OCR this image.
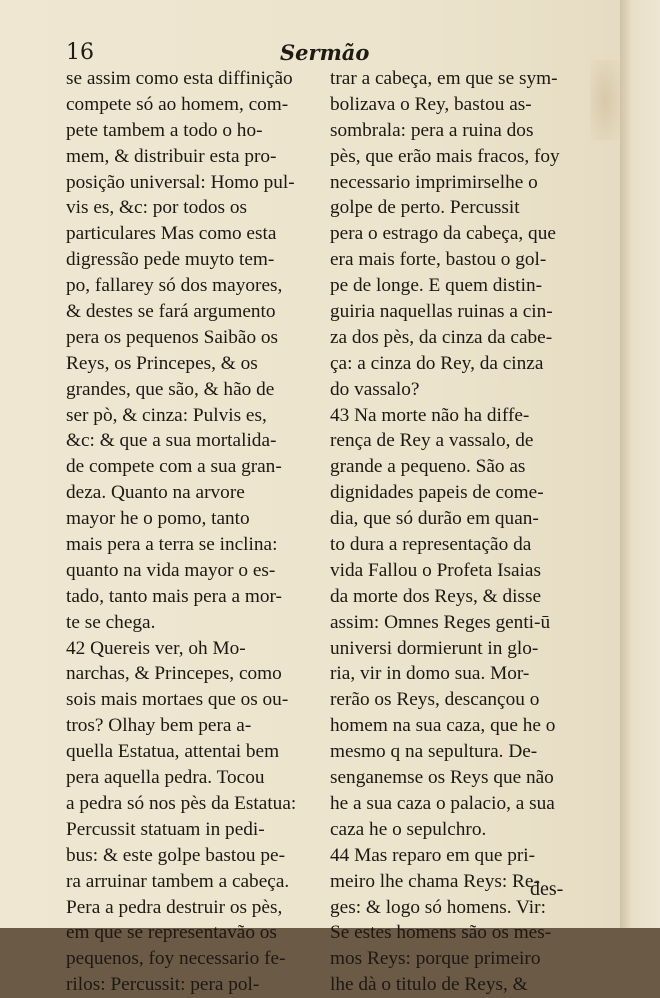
16	Sermão
se assim como esta diffinição
compete só ao homem, com-
pete tambem a todo o ho-
mem, & distribuir esta pro-
posição universal: Homo pul-
vis es, &c: por todos os
particulares Mas como esta
digressão pede muyto tem-
po, fallarey só dos mayores,
& destes se fará argumento
pera os pequenos Saibão os
Reys, os Princepes, & os
grandes, que são, & hão de
ser pò, & cinza: Pulvis es,
&c: & que a sua mortalida-
de compete com a sua gran-
deza. Quanto na arvore
mayor he o pomo, tanto
mais pera a terra se inclina:
quanto na vida mayor o es-
tado, tanto mais pera a mor-
te se chega.
42 Quereis ver, oh Mo-
narchas, & Princepes, como
sois mais mortaes que os ou-
tros? Olhay bem pera a-
quella Estatua, attentai bem
pera aquella pedra. Tocou
a pedra só nos pès da Estatua:
Percussit statuam in pedi-
bus: & este golpe bastou pe-
ra arruinar tambem a cabeça.
Pera a pedra destruir os pès,
em que se representavão os
pequenos, foy necessario fe-
rilos: Percussit: pera pol-
trar a cabeça, em que se sym-
bolizava o Rey, bastou as-
sombrala: pera a ruina dos
pès, que erão mais fracos, foy
necessario imprimirselhe o
golpe de perto. Percussit
pera o estrago da cabeça, que
era mais forte, bastou o gol-
pe de longe. E quem distin-
guiria naquellas ruinas a cin-
za dos pès, da cinza da cabe-
ça: a cinza do Rey, da cinza
do vassalo?
43 Na morte não ha diffe-
rença de Rey a vassalo, de
grande a pequeno. São as
dignidades papeis de come-
dia, que só durão em quan-
to dura a representação da
vida Fallou o Profeta Isaias
da morte dos Reys, & disse
assim: Omnes Reges genti-ū
universi dormierunt in glo-
ria, vir in domo sua. Mor-
rerão os Reys, descançou o
homem na sua caza, que he o
mesmo q na sepultura. De-
senganemse os Reys que não
he a sua caza o palacio, a sua
caza he o sepulchro.
44 Mas reparo em que pri-
meiro lhe chama Reys: Re-
ges: & logo só homens. Vir:
Se estes homens são os mes-
mos Reys: porque primeiro
lhe dà o titulo de Reys, &
des-
